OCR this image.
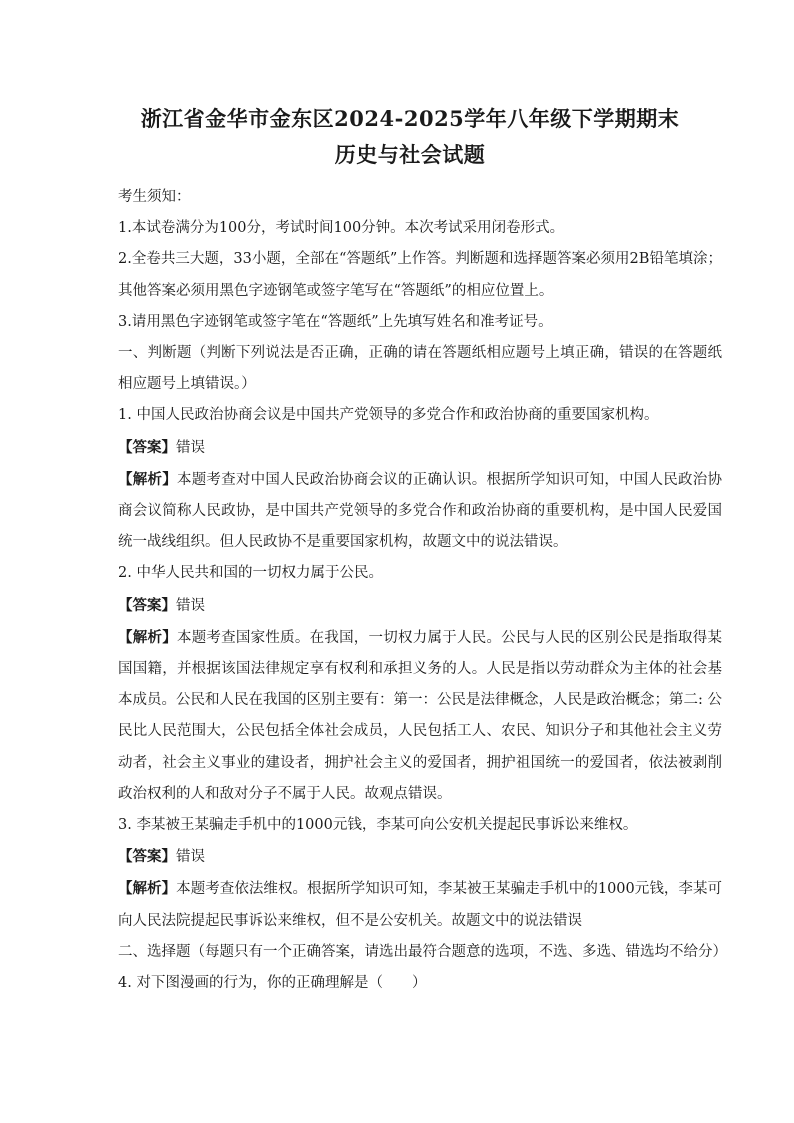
浙江省金华市金东区2024-2025学年八年级下学期期末
历史与社会试题

考生须知：

1.本试卷满分为100分，考试时间100分钟。本次考试采用闭卷形式。

2.全卷共三大题，33小题，全部在“答题纸”上作答。判断题和选择题答案必须用2B铅笔填涂；其他答案必须用黑色字迹钢笔或签字笔写在“答题纸”的相应位置上。

3.请用黑色字迹钢笔或签字笔在“答题纸”上先填写姓名和准考证号。

一、判断题（判断下列说法是否正确，正确的请在答题纸相应题号上填正确，错误的在答题纸相应题号上填错误。）

1. 中国人民政治协商会议是中国共产党领导的多党合作和政治协商的重要国家机构。

【答案】错误

【解析】本题考查对中国人民政治协商会议的正确认识。根据所学知识可知，中国人民政治协商会议简称人民政协，是中国共产党领导的多党合作和政治协商的重要机构，是中国人民爱国统一战线组织。但人民政协不是重要国家机构，故题文中的说法错误。

2. 中华人民共和国的一切权力属于公民。

【答案】错误

【解析】本题考查国家性质。在我国，一切权力属于人民。公民与人民的区别公民是指取得某国国籍，并根据该国法律规定享有权利和承担义务的人。人民是指以劳动群众为主体的社会基本成员。公民和人民在我国的区别主要有：第一：公民是法律概念，人民是政治概念；第二: 公民比人民范围大，公民包括全体社会成员，人民包括工人、农民、知识分子和其他社会主义劳动者，社会主义事业的建设者，拥护社会主义的爱国者，拥护祖国统一的爱国者，依法被剥削政治权利的人和敌对分子不属于人民。故观点错误。

3. 李某被王某骗走手机中的1000元钱，李某可向公安机关提起民事诉讼来维权。

【答案】错误

【解析】本题考查依法维权。根据所学知识可知，李某被王某骗走手机中的1000元钱，李某可向人民法院提起民事诉讼来维权，但不是公安机关。故题文中的说法错误

二、选择题（每题只有一个正确答案，请选出最符合题意的选项，不选、多选、错选均不给分）

4. 对下图漫画的行为，你的正确理解是（　　）
